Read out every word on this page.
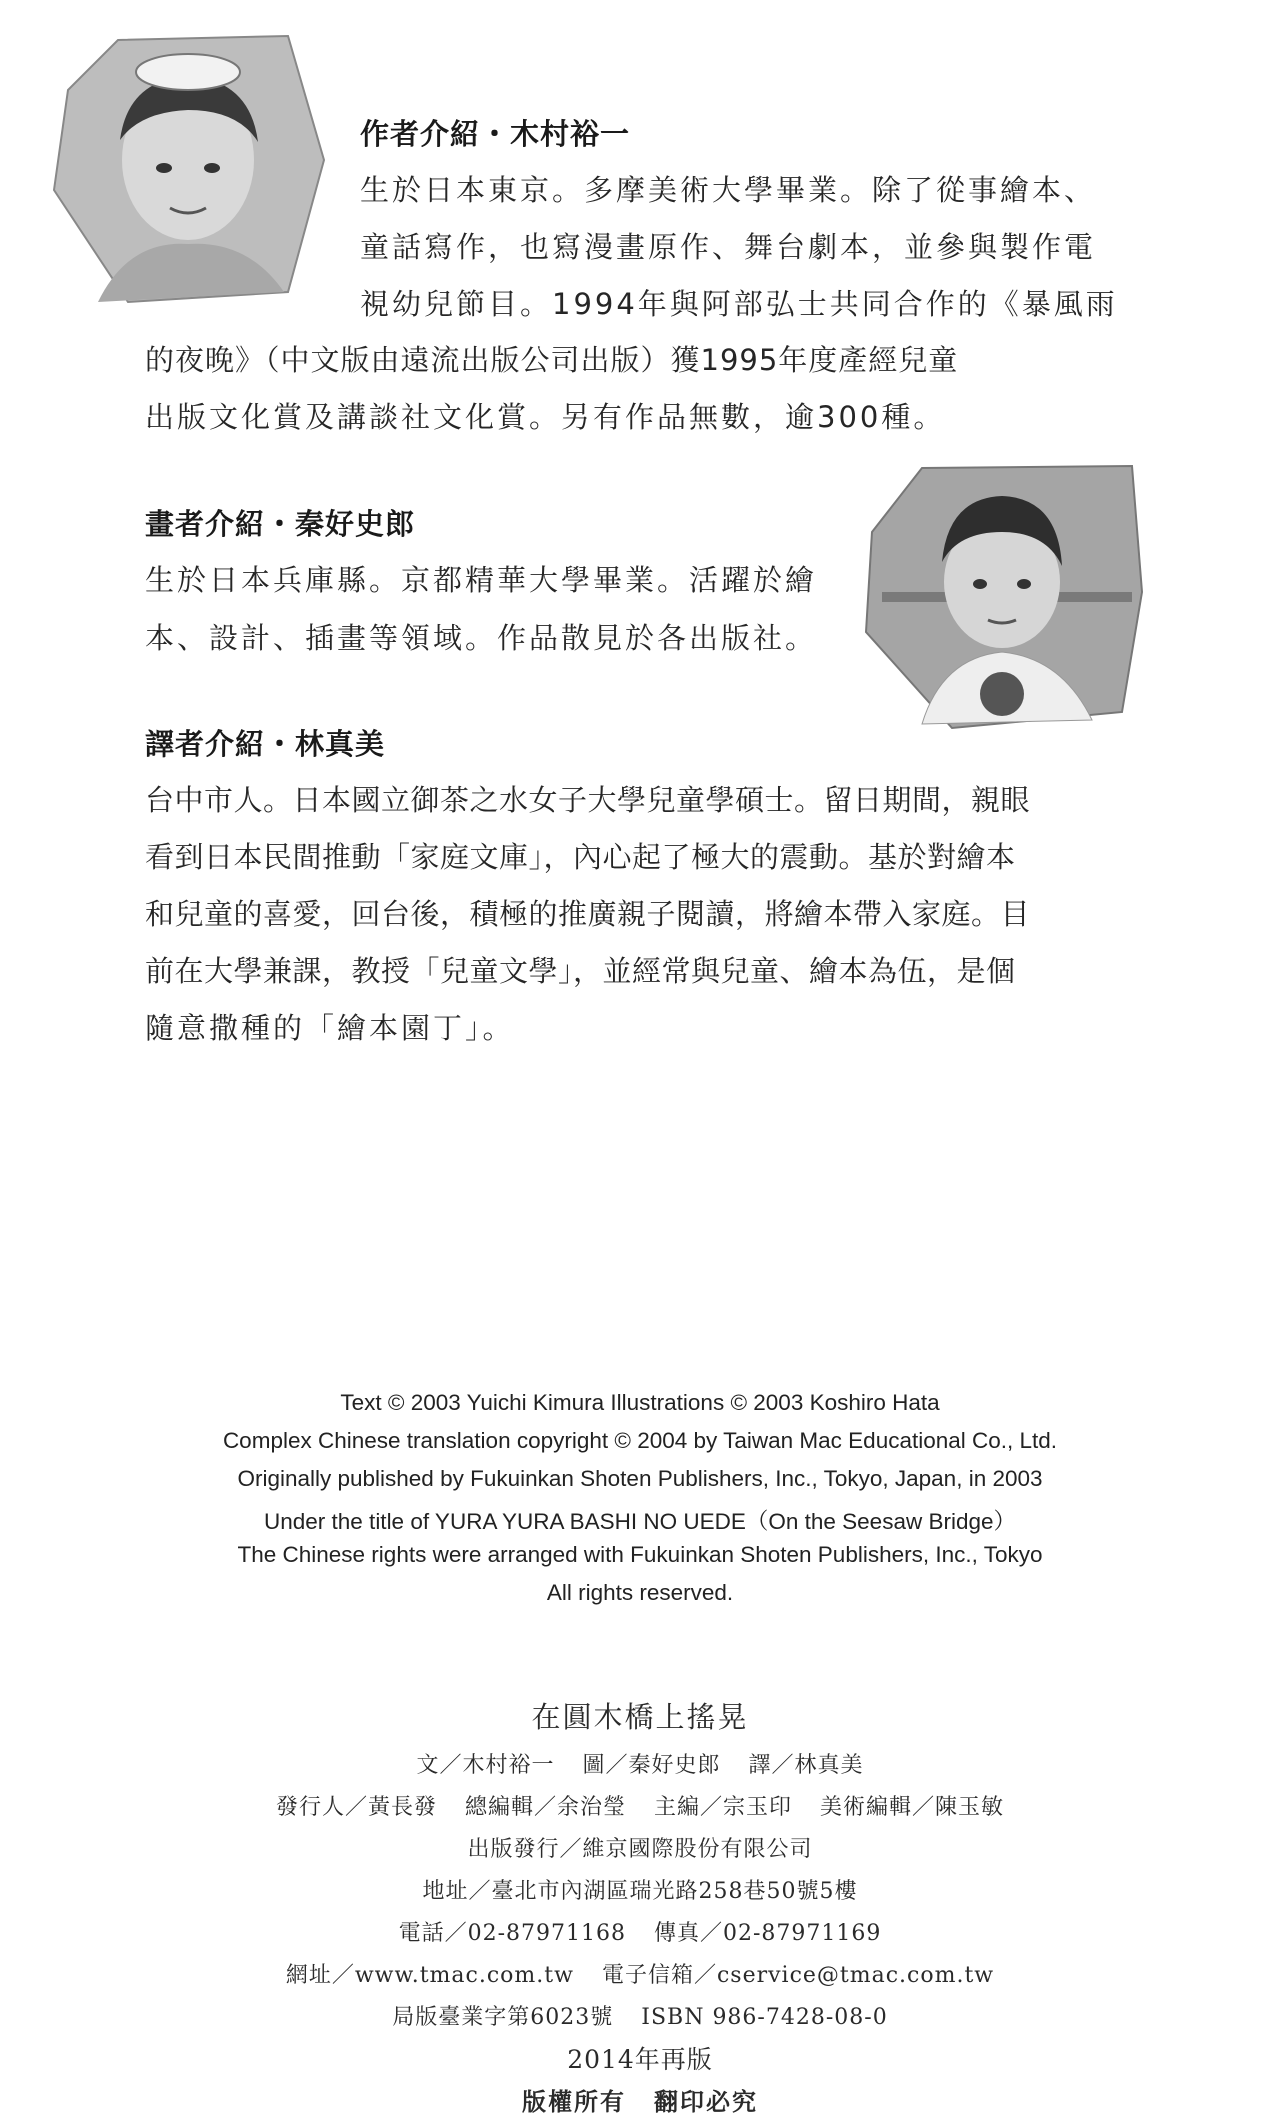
作者介紹・木村裕一
生於日本東京。多摩美術大學畢業。除了從事繪本、
童話寫作，也寫漫畫原作、舞台劇本，並參與製作電
視幼兒節目。1994年與阿部弘士共同合作的《暴風雨
的夜晚》（中文版由遠流出版公司出版）獲1995年度產經兒童
出版文化賞及講談社文化賞。另有作品無數，逾300種。
畫者介紹・秦好史郎
生於日本兵庫縣。京都精華大學畢業。活躍於繪
本、設計、插畫等領域。作品散見於各出版社。
譯者介紹・林真美
台中市人。日本國立御茶之水女子大學兒童學碩士。留日期間，親眼
看到日本民間推動「家庭文庫」，內心起了極大的震動。基於對繪本
和兒童的喜愛，回台後，積極的推廣親子閱讀，將繪本帶入家庭。目
前在大學兼課，教授「兒童文學」，並經常與兒童、繪本為伍，是個
隨意撒種的「繪本園丁」。
Text © 2003 Yuichi Kimura Illustrations © 2003 Koshiro Hata
Complex Chinese translation copyright © 2004 by Taiwan Mac Educational Co., Ltd.
Originally published by Fukuinkan Shoten Publishers, Inc., Tokyo, Japan, in 2003
Under the title of YURA YURA BASHI NO UEDE（On the Seesaw Bridge）
The Chinese rights were arranged with Fukuinkan Shoten Publishers, Inc., Tokyo
All rights reserved.
在圓木橋上搖晃
文／木村裕一 圖／秦好史郎 譯／林真美
發行人／黃長發 總編輯／余治瑩 主編／宗玉印 美術編輯／陳玉敏
出版發行／維京國際股份有限公司
地址／臺北市內湖區瑞光路258巷50號5樓
電話／02-87971168 傳真／02-87971169
網址／www.tmac.com.tw 電子信箱／cservice@tmac.com.tw
局版臺業字第6023號 ISBN 986-7428-08-0
2014年再版
版權所有 翻印必究
